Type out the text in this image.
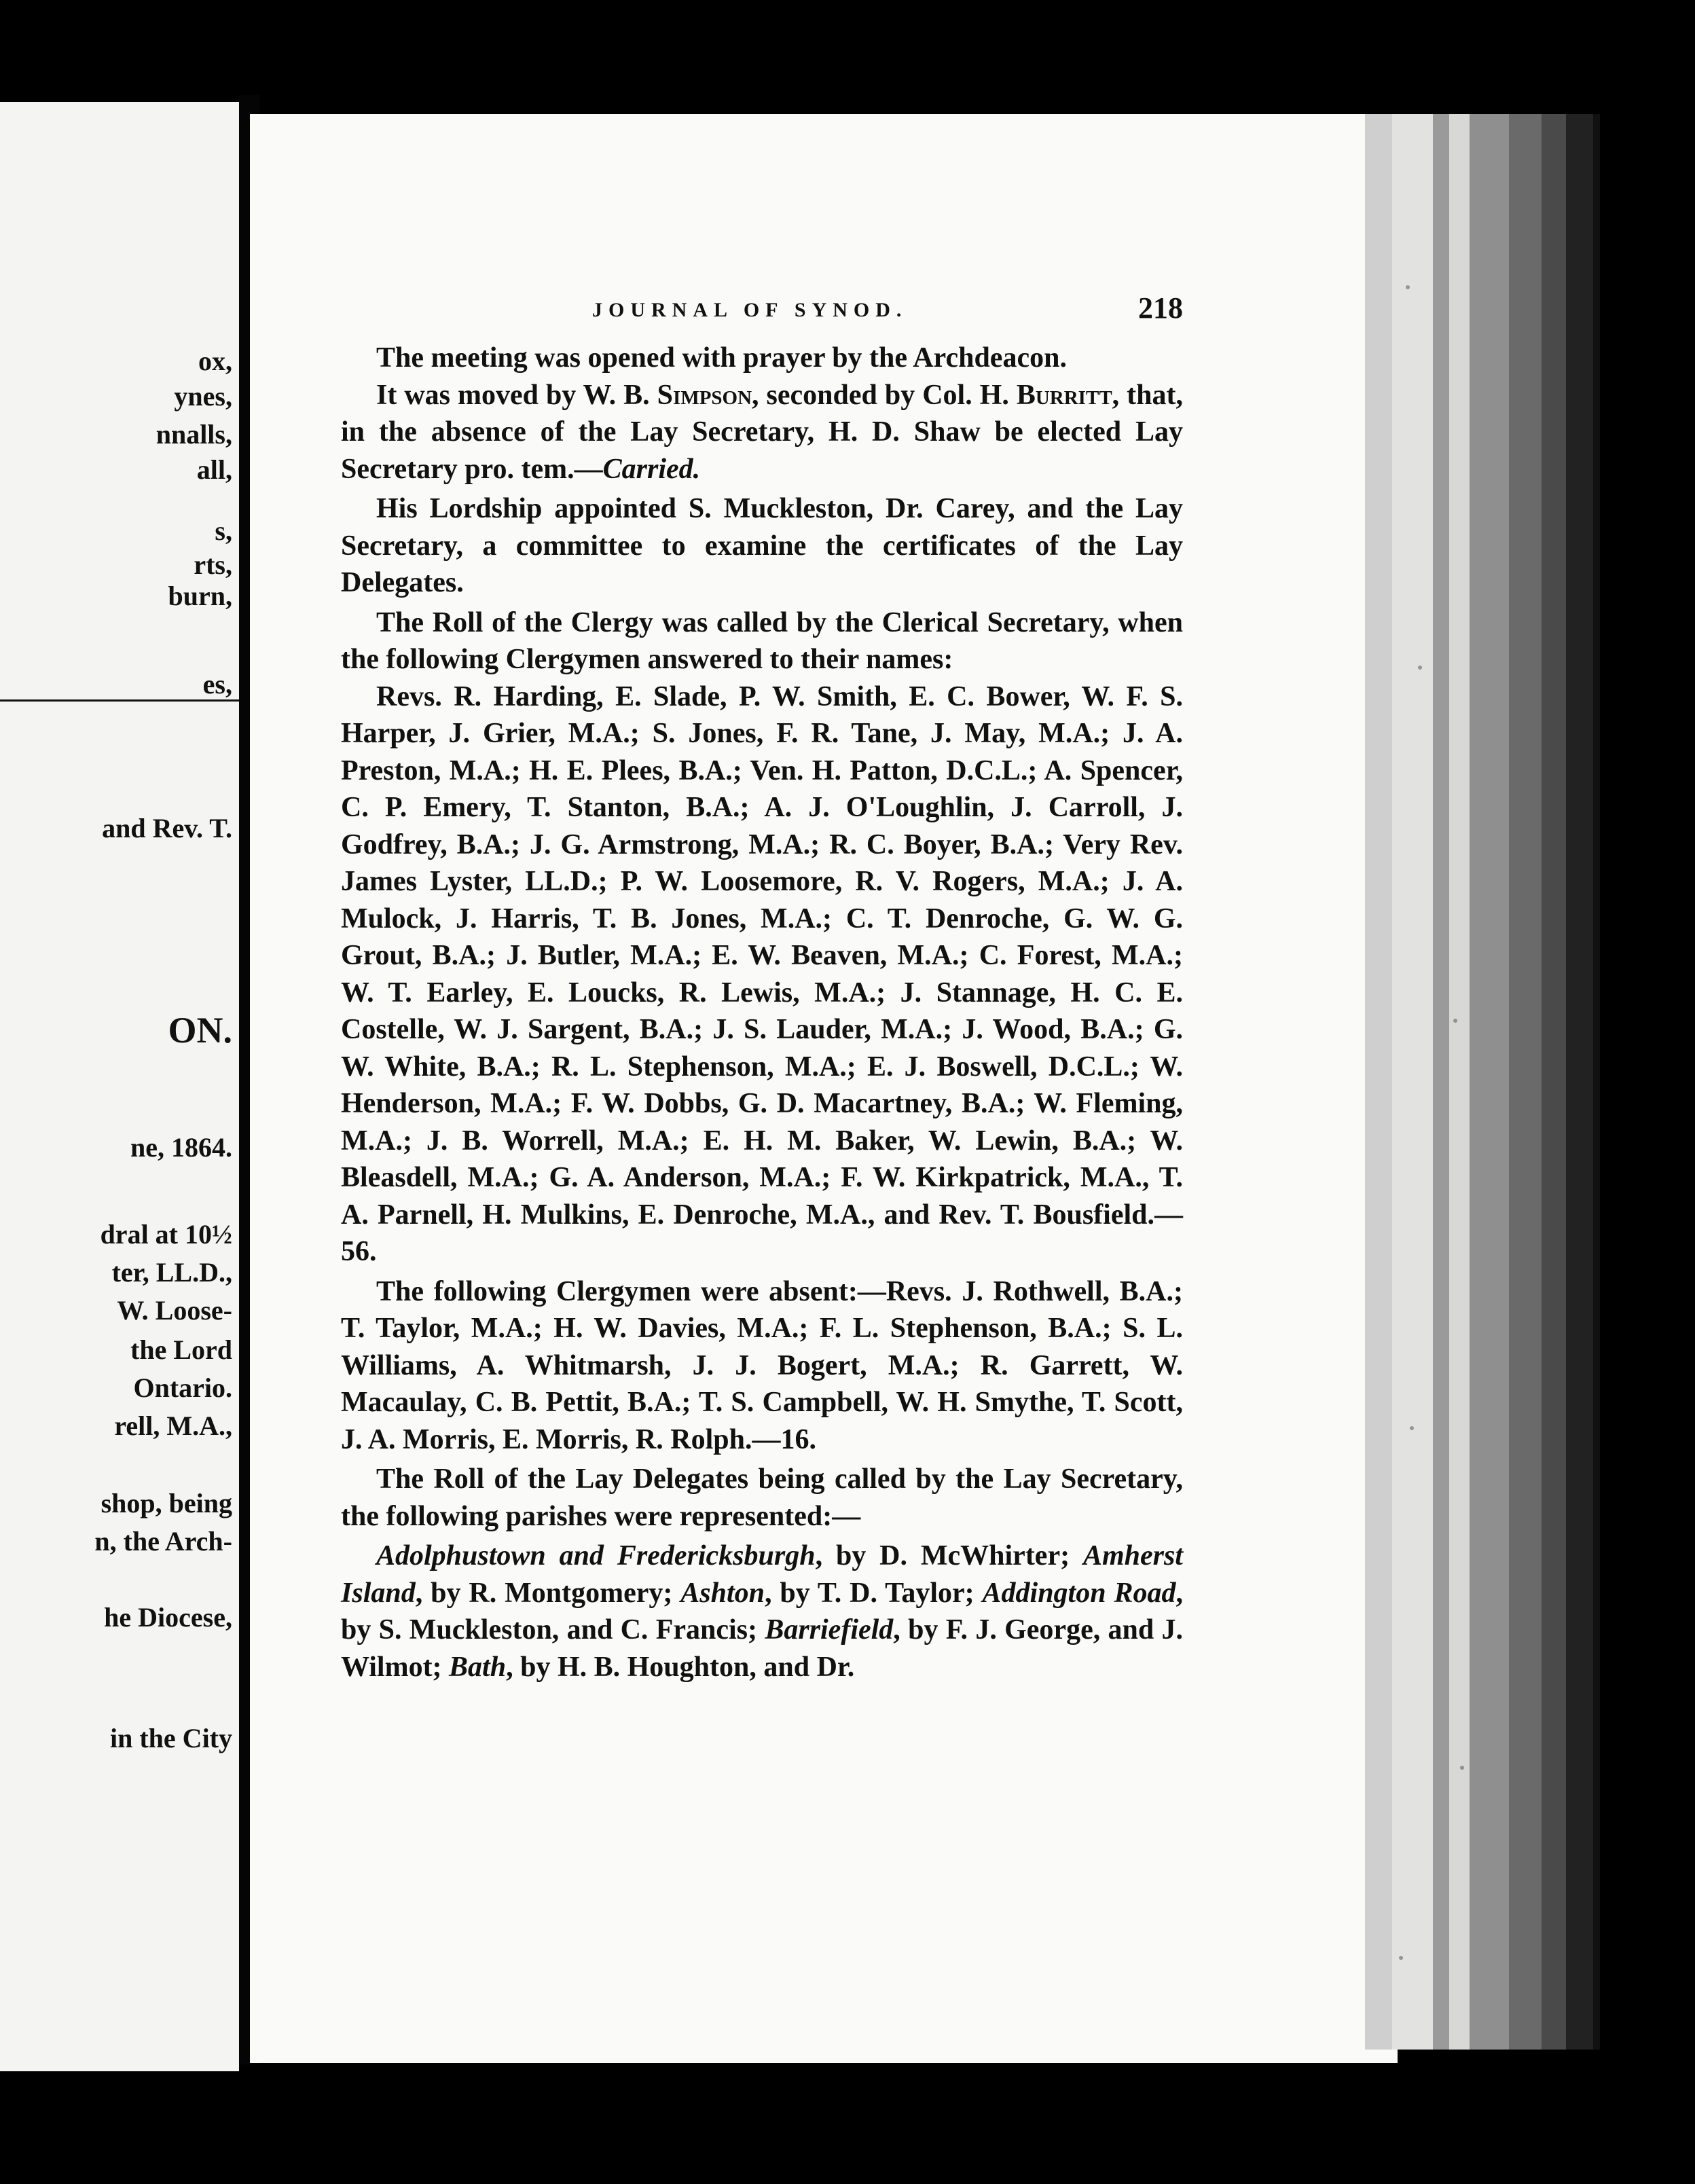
ox,
ynes,
nnalls,
all,
s,
rts,
burn,
es,
and Rev. T.
ON.
ne, 1864.
dral at 10½
ter, LL.D.,
W. Loose-
the Lord
Ontario.
rell, M.A.,
shop, being
n, the Arch-
he Diocese,
in the City
JOURNAL OF SYNOD.	218

The meeting was opened with prayer by the Archdeacon.

It was moved by W. B. Simpson, seconded by Col. H. Burritt, that, in the absence of the Lay Secretary, H. D. Shaw be elected Lay Secretary pro. tem.—Carried.

His Lordship appointed S. Muckleston, Dr. Carey, and the Lay Secretary, a committee to examine the certificates of the Lay Delegates.

The Roll of the Clergy was called by the Clerical Secretary, when the following Clergymen answered to their names:

Revs. R. Harding, E. Slade, P. W. Smith, E. C. Bower, W. F. S. Harper, J. Grier, M.A.; S. Jones, F. R. Tane, J. May, M.A.; J. A. Preston, M.A.; H. E. Plees, B.A.; Ven. H. Patton, D.C.L.; A. Spencer, C. P. Emery, T. Stanton, B.A.; A. J. O'Loughlin, J. Carroll, J. Godfrey, B.A.; J. G. Armstrong, M.A.; R. C. Boyer, B.A.; Very Rev. James Lyster, LL.D.; P. W. Loosemore, R. V. Rogers, M.A.; J. A. Mulock, J. Harris, T. B. Jones, M.A.; C. T. Denroche, G. W. G. Grout, B.A.; J. Butler, M.A.; E. W. Beaven, M.A.; C. Forest, M.A.; W. T. Earley, E. Loucks, R. Lewis, M.A.; J. Stannage, H. C. E. Costelle, W. J. Sargent, B.A.; J. S. Lauder, M.A.; J. Wood, B.A.; G. W. White, B.A.; R. L. Stephenson, M.A.; E. J. Boswell, D.C.L.; W. Henderson, M.A.; F. W. Dobbs, G. D. Macartney, B.A.; W. Fleming, M.A.; J. B. Worrell, M.A.; E. H. M. Baker, W. Lewin, B.A.; W. Bleasdell, M.A.; G. A. Anderson, M.A.; F. W. Kirkpatrick, M.A., T. A. Parnell, H. Mulkins, E. Denroche, M.A., and Rev. T. Bousfield.—56.

The following Clergymen were absent:—Revs. J. Rothwell, B.A.; T. Taylor, M.A.; H. W. Davies, M.A.; F. L. Stephenson, B.A.; S. L. Williams, A. Whitmarsh, J. J. Bogert, M.A.; R. Garrett, W. Macaulay, C. B. Pettit, B.A.; T. S. Campbell, W. H. Smythe, T. Scott, J. A. Morris, E. Morris, R. Rolph.—16.

The Roll of the Lay Delegates being called by the Lay Secretary, the following parishes were represented:—

Adolphustown and Fredericksburgh, by D. McWhirter; Amherst Island, by R. Montgomery; Ashton, by T. D. Taylor; Addington Road, by S. Muckleston, and C. Francis; Barriefield, by F. J. George, and J. Wilmot; Bath, by H. B. Houghton, and Dr.
